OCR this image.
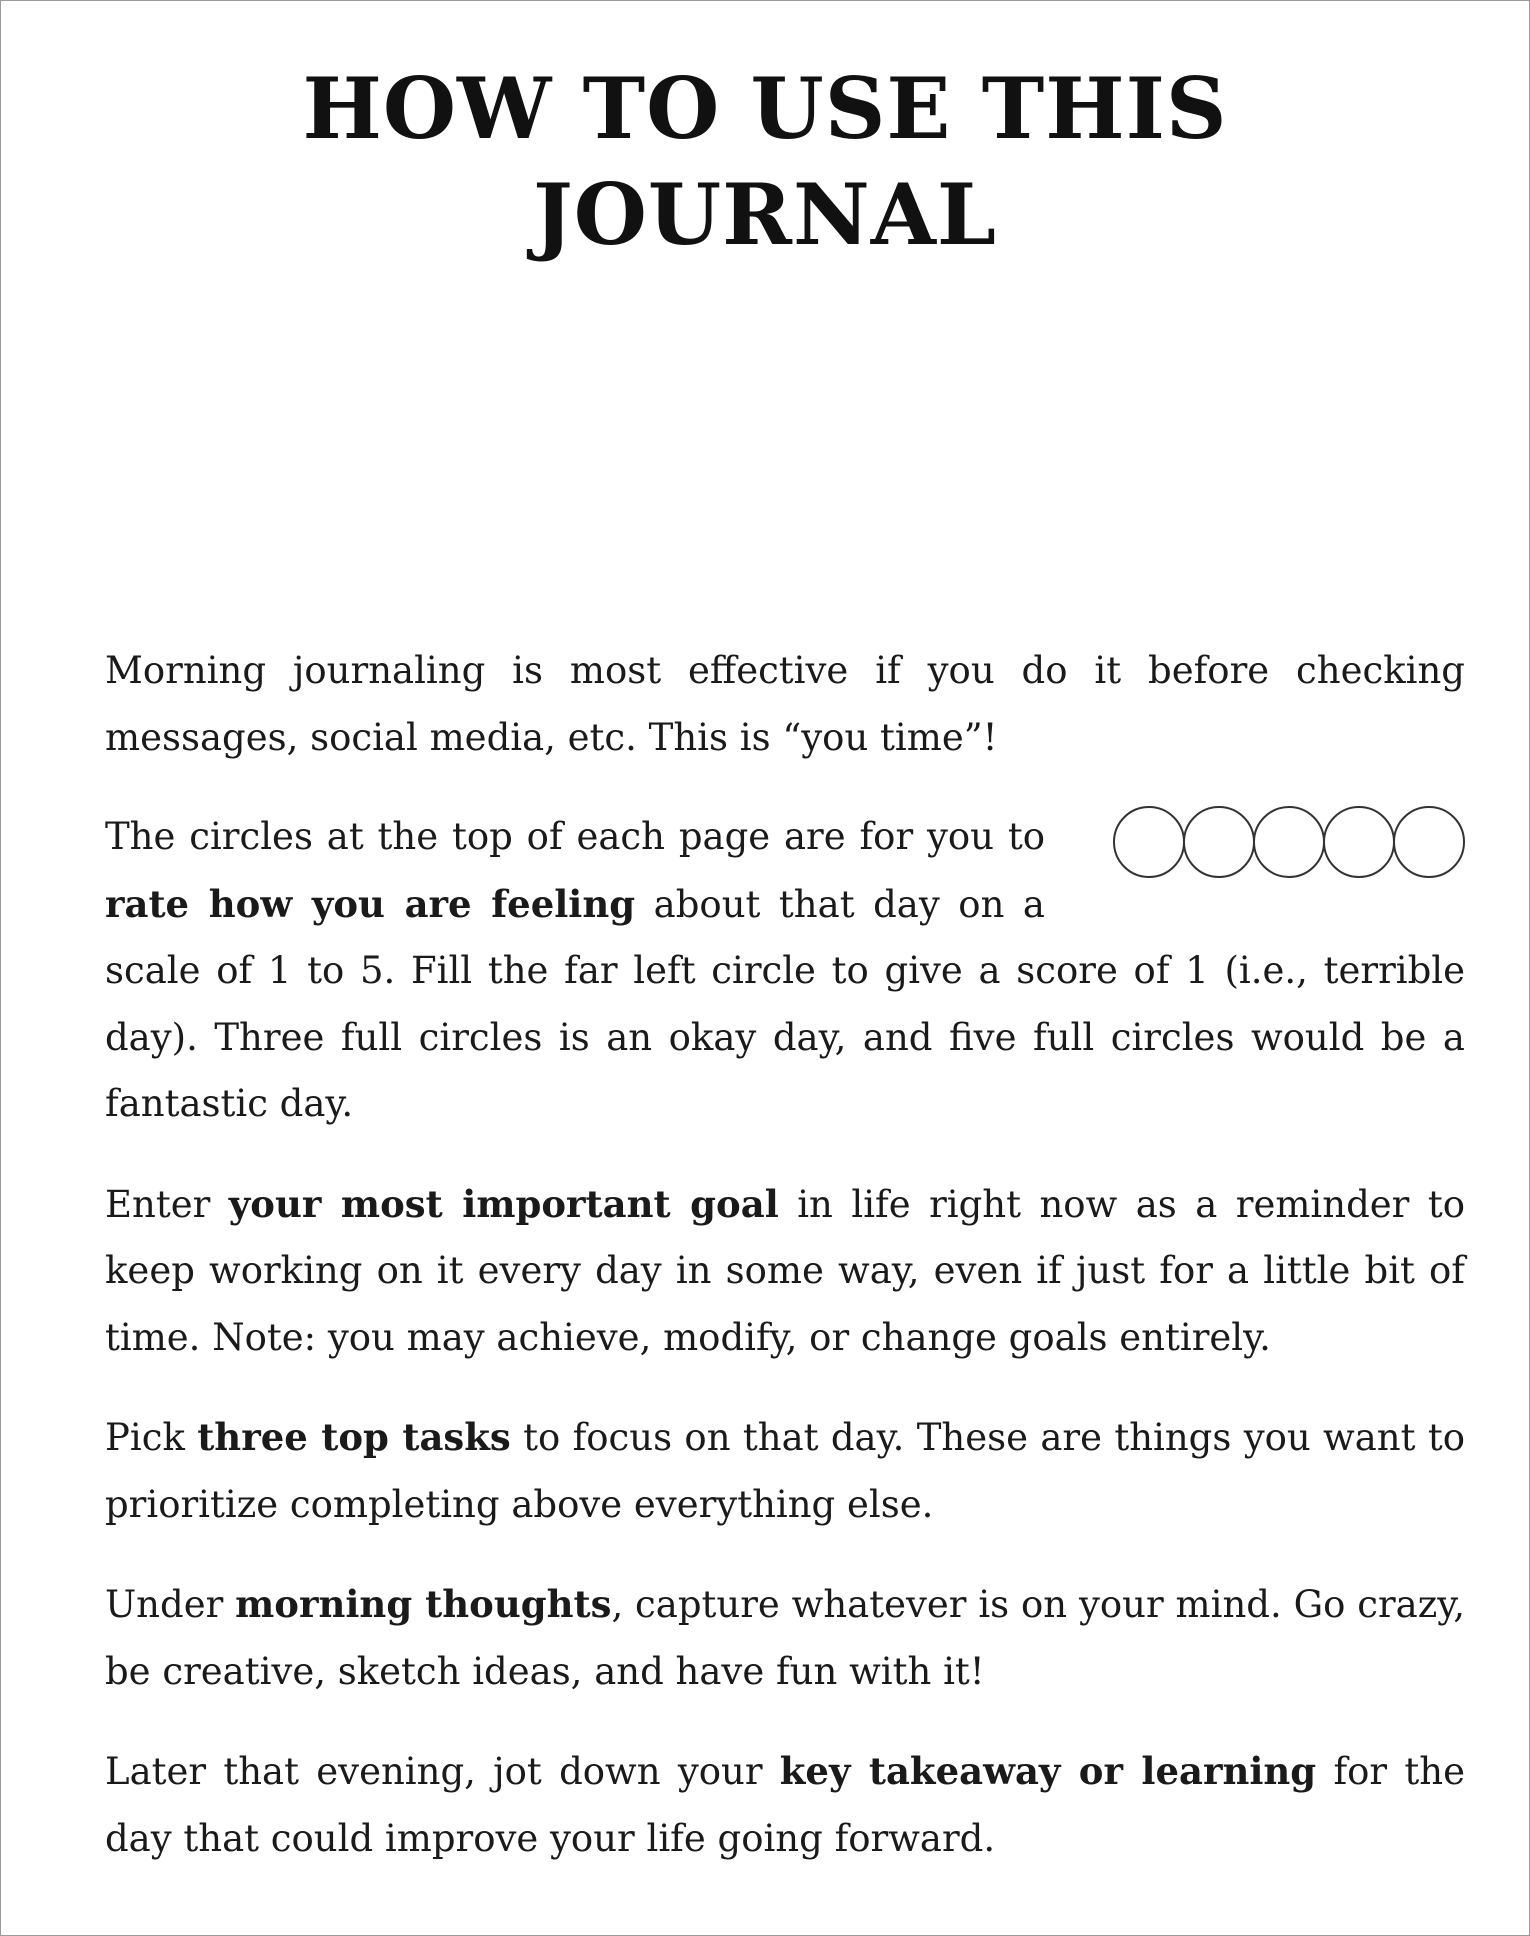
HOW TO USE THIS
JOURNAL

Morning journaling is most effective if you do it before checking messages, social media, etc. This is “you time”!

The circles at the top of each page are for you to rate how you are feeling about that day on a scale of 1 to 5. Fill the far left circle to give a score of 1 (i.e., terrible day). Three full circles is an okay day, and five full circles would be a fantastic day.

Enter your most important goal in life right now as a reminder to keep working on it every day in some way, even if just for a little bit of time. Note: you may achieve, modify, or change goals entirely.

Pick three top tasks to focus on that day. These are things you want to prioritize completing above everything else.

Under morning thoughts, capture whatever is on your mind. Go crazy, be creative, sketch ideas, and have fun with it!

Later that evening, jot down your key takeaway or learning for the day that could improve your life going forward.
